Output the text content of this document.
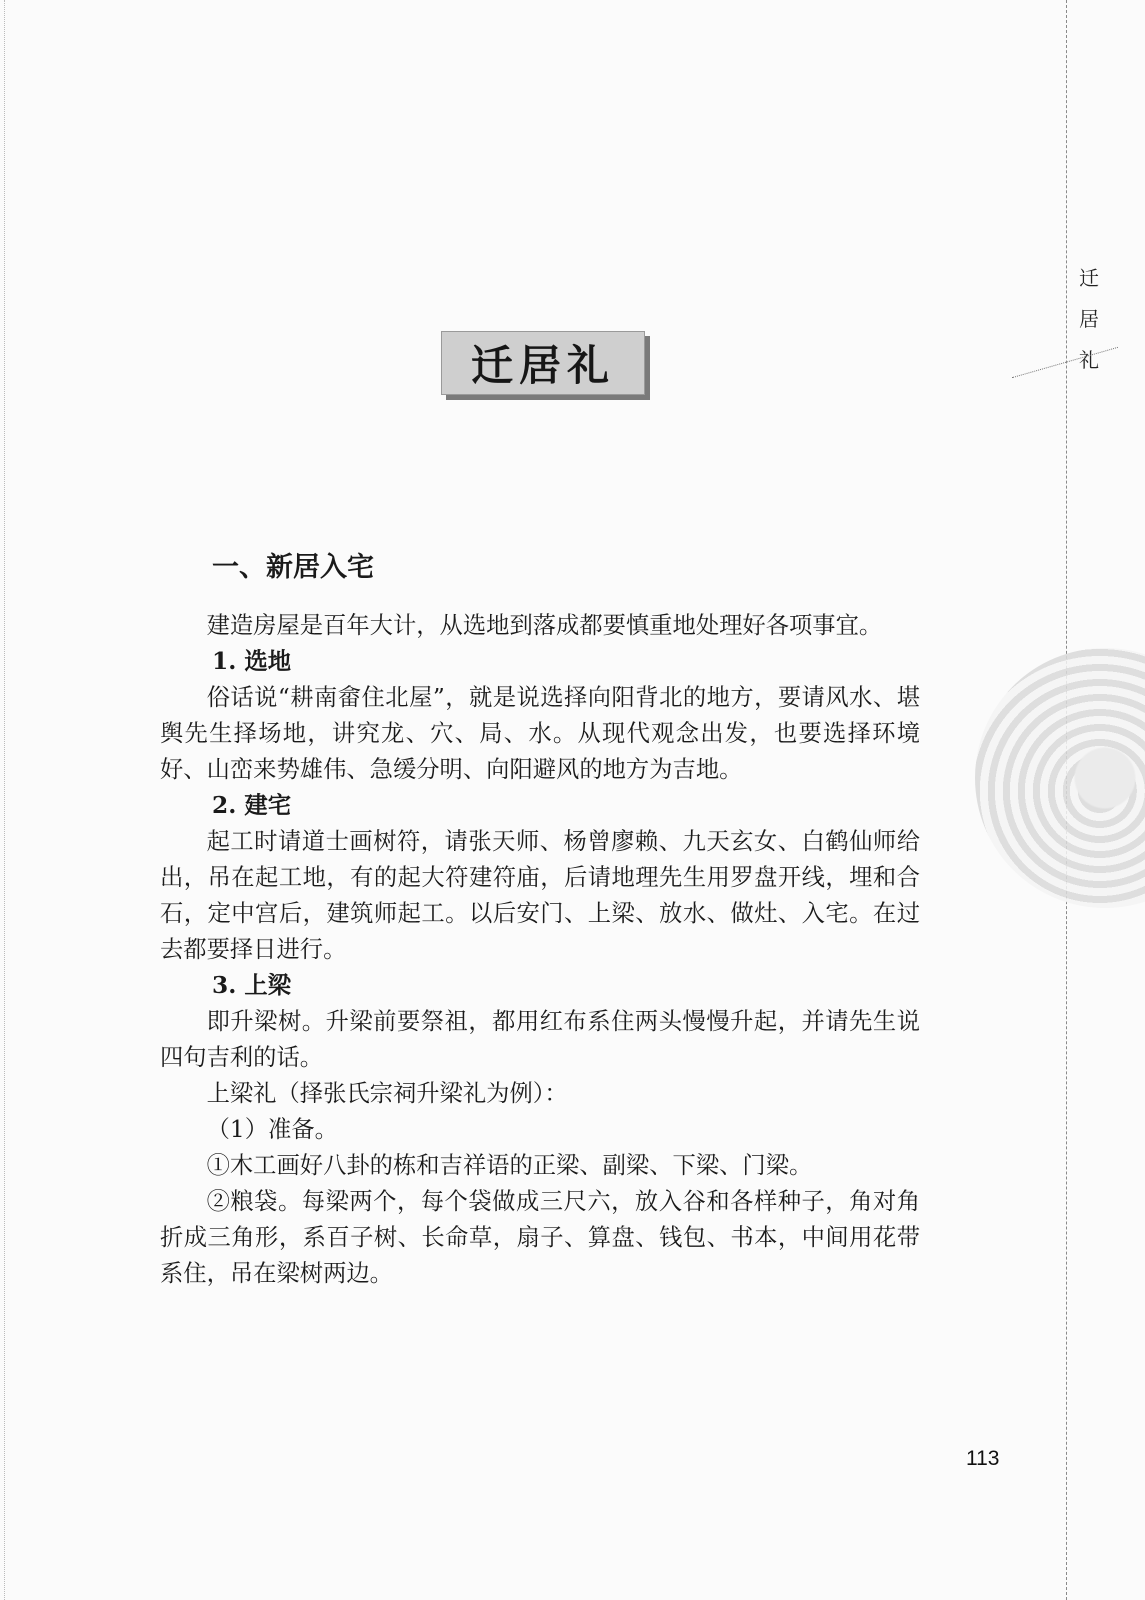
迁
居
礼
迁居礼
一、新居入宅

建造房屋是百年大计，从选地到落成都要慎重地处理好各项事宜。

1. 选地

俗话说“耕南畲住北屋”，就是说选择向阳背北的地方，要请风水、堪舆先生择场地，讲究龙、穴、局、水。从现代观念出发，也要选择环境好、山峦来势雄伟、急缓分明、向阳避风的地方为吉地。

2. 建宅

起工时请道士画树符，请张天师、杨曾廖赖、九天玄女、白鹤仙师给出，吊在起工地，有的起大符建符庙，后请地理先生用罗盘开线，埋和合石，定中宫后，建筑师起工。以后安门、上梁、放水、做灶、入宅。在过去都要择日进行。

3. 上梁

即升梁树。升梁前要祭祖，都用红布系住两头慢慢升起，并请先生说四句吉利的话。

上梁礼（择张氏宗祠升梁礼为例）：

（1）准备。

①木工画好八卦的栋和吉祥语的正梁、副梁、下梁、门梁。

②粮袋。每梁两个，每个袋做成三尺六，放入谷和各样种子，角对角折成三角形，系百子树、长命草，扇子、算盘、钱包、书本，中间用花带系住，吊在梁树两边。

113
